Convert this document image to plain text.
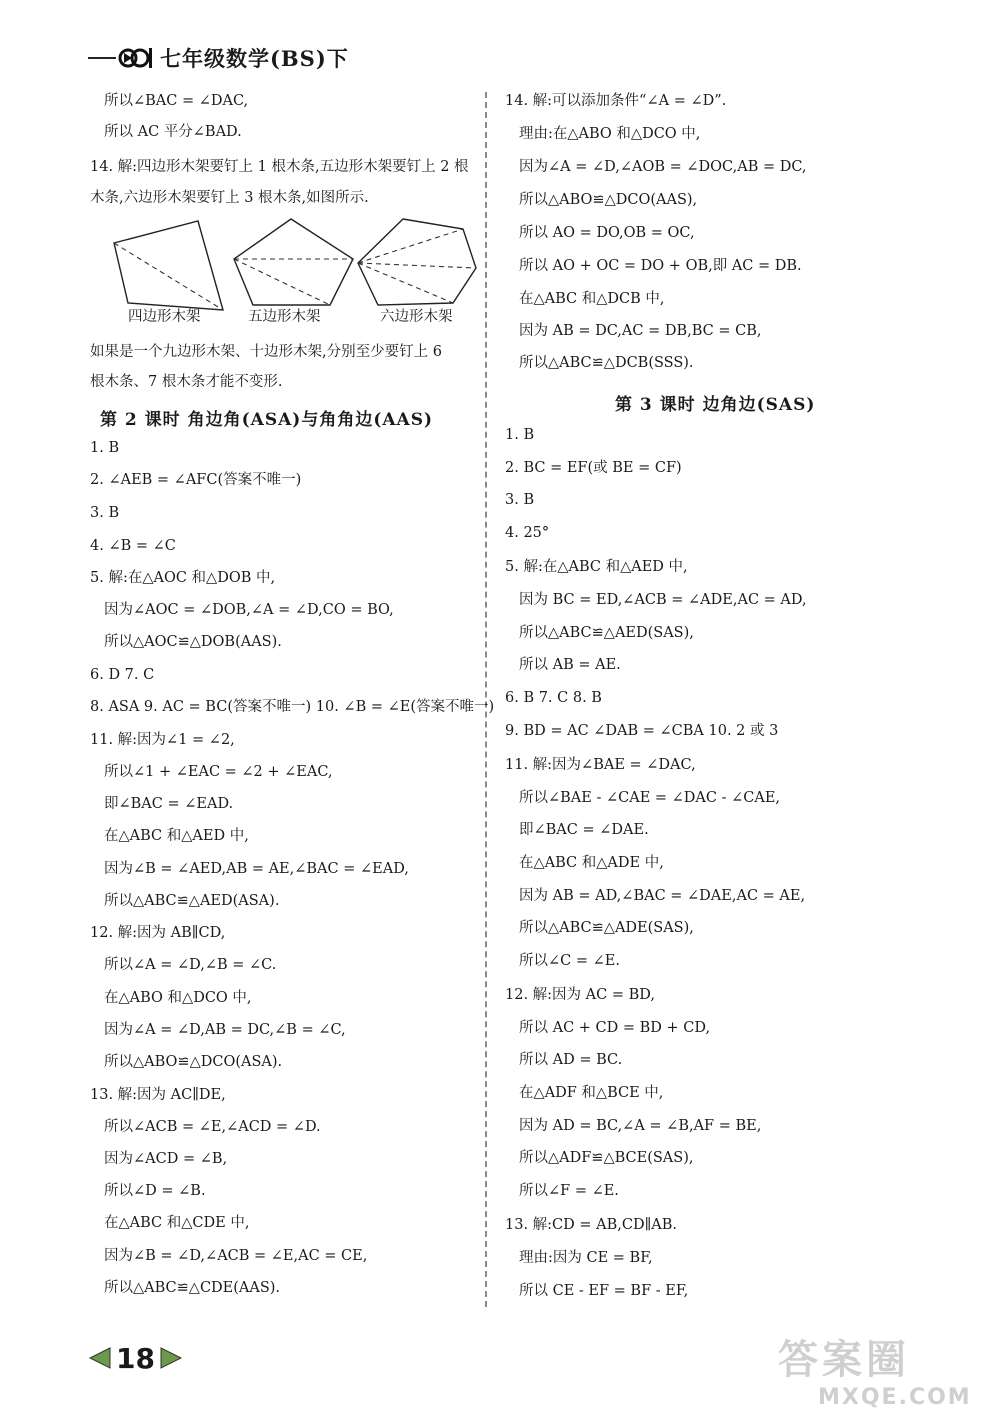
七年级数学(BS)下
所以∠BAC = ∠DAC,
所以 AC 平分∠BAD.
14. 解:四边形木架要钉上 1 根木条,五边形木架要钉上 2 根
木条,六边形木架要钉上 3 根木条,如图所示.
如果是一个九边形木架、十边形木架,分别至少要钉上 6
根木条、7 根木条才能不变形.
1. B
2. ∠AEB = ∠AFC(答案不唯一)
3. B
4. ∠B = ∠C
5. 解:在△AOC 和△DOB 中,
因为∠AOC = ∠DOB,∠A = ∠D,CO = BO,
所以△AOC≌△DOB(AAS).
6. D 7. C
8. ASA 9. AC = BC(答案不唯一) 10. ∠B = ∠E(答案不唯一)
11. 解:因为∠1 = ∠2,
所以∠1 + ∠EAC = ∠2 + ∠EAC,
即∠BAC = ∠EAD.
在△ABC 和△AED 中,
因为∠B = ∠AED,AB = AE,∠BAC = ∠EAD,
所以△ABC≌△AED(ASA).
12. 解:因为 AB∥CD,
所以∠A = ∠D,∠B = ∠C.
在△ABO 和△DCO 中,
因为∠A = ∠D,AB = DC,∠B = ∠C,
所以△ABO≌△DCO(ASA).
13. 解:因为 AC∥DE,
所以∠ACB = ∠E,∠ACD = ∠D.
因为∠ACD = ∠B,
所以∠D = ∠B.
在△ABC 和△CDE 中,
因为∠B = ∠D,∠ACB = ∠E,AC = CE,
所以△ABC≌△CDE(AAS).
第 2 课时 角边角(ASA)与角角边(AAS)
四边形木架	五边形木架	六边形木架
14. 解:可以添加条件“∠A = ∠D”.
理由:在△ABO 和△DCO 中,
因为∠A = ∠D,∠AOB = ∠DOC,AB = DC,
所以△ABO≌△DCO(AAS),
所以 AO = DO,OB = OC,
所以 AO + OC = DO + OB,即 AC = DB.
在△ABC 和△DCB 中,
因为 AB = DC,AC = DB,BC = CB,
所以△ABC≌△DCB(SSS).
1. B
2. BC = EF(或 BE = CF)
3. B
4. 25°
5. 解:在△ABC 和△AED 中,
因为 BC = ED,∠ACB = ∠ADE,AC = AD,
所以△ABC≌△AED(SAS),
所以 AB = AE.
6. B 7. C 8. B
9. BD = AC ∠DAB = ∠CBA 10. 2 或 3
11. 解:因为∠BAE = ∠DAC,
所以∠BAE - ∠CAE = ∠DAC - ∠CAE,
即∠BAC = ∠DAE.
在△ABC 和△ADE 中,
因为 AB = AD,∠BAC = ∠DAE,AC = AE,
所以△ABC≌△ADE(SAS),
所以∠C = ∠E.
12. 解:因为 AC = BD,
所以 AC + CD = BD + CD,
所以 AD = BC.
在△ADF 和△BCE 中,
因为 AD = BC,∠A = ∠B,AF = BE,
所以△ADF≌△BCE(SAS),
所以∠F = ∠E.
13. 解:CD = AB,CD∥AB.
理由:因为 CE = BF,
所以 CE - EF = BF - EF,
第 3 课时 边角边(SAS)
18	答案圈
MXQE.COM
